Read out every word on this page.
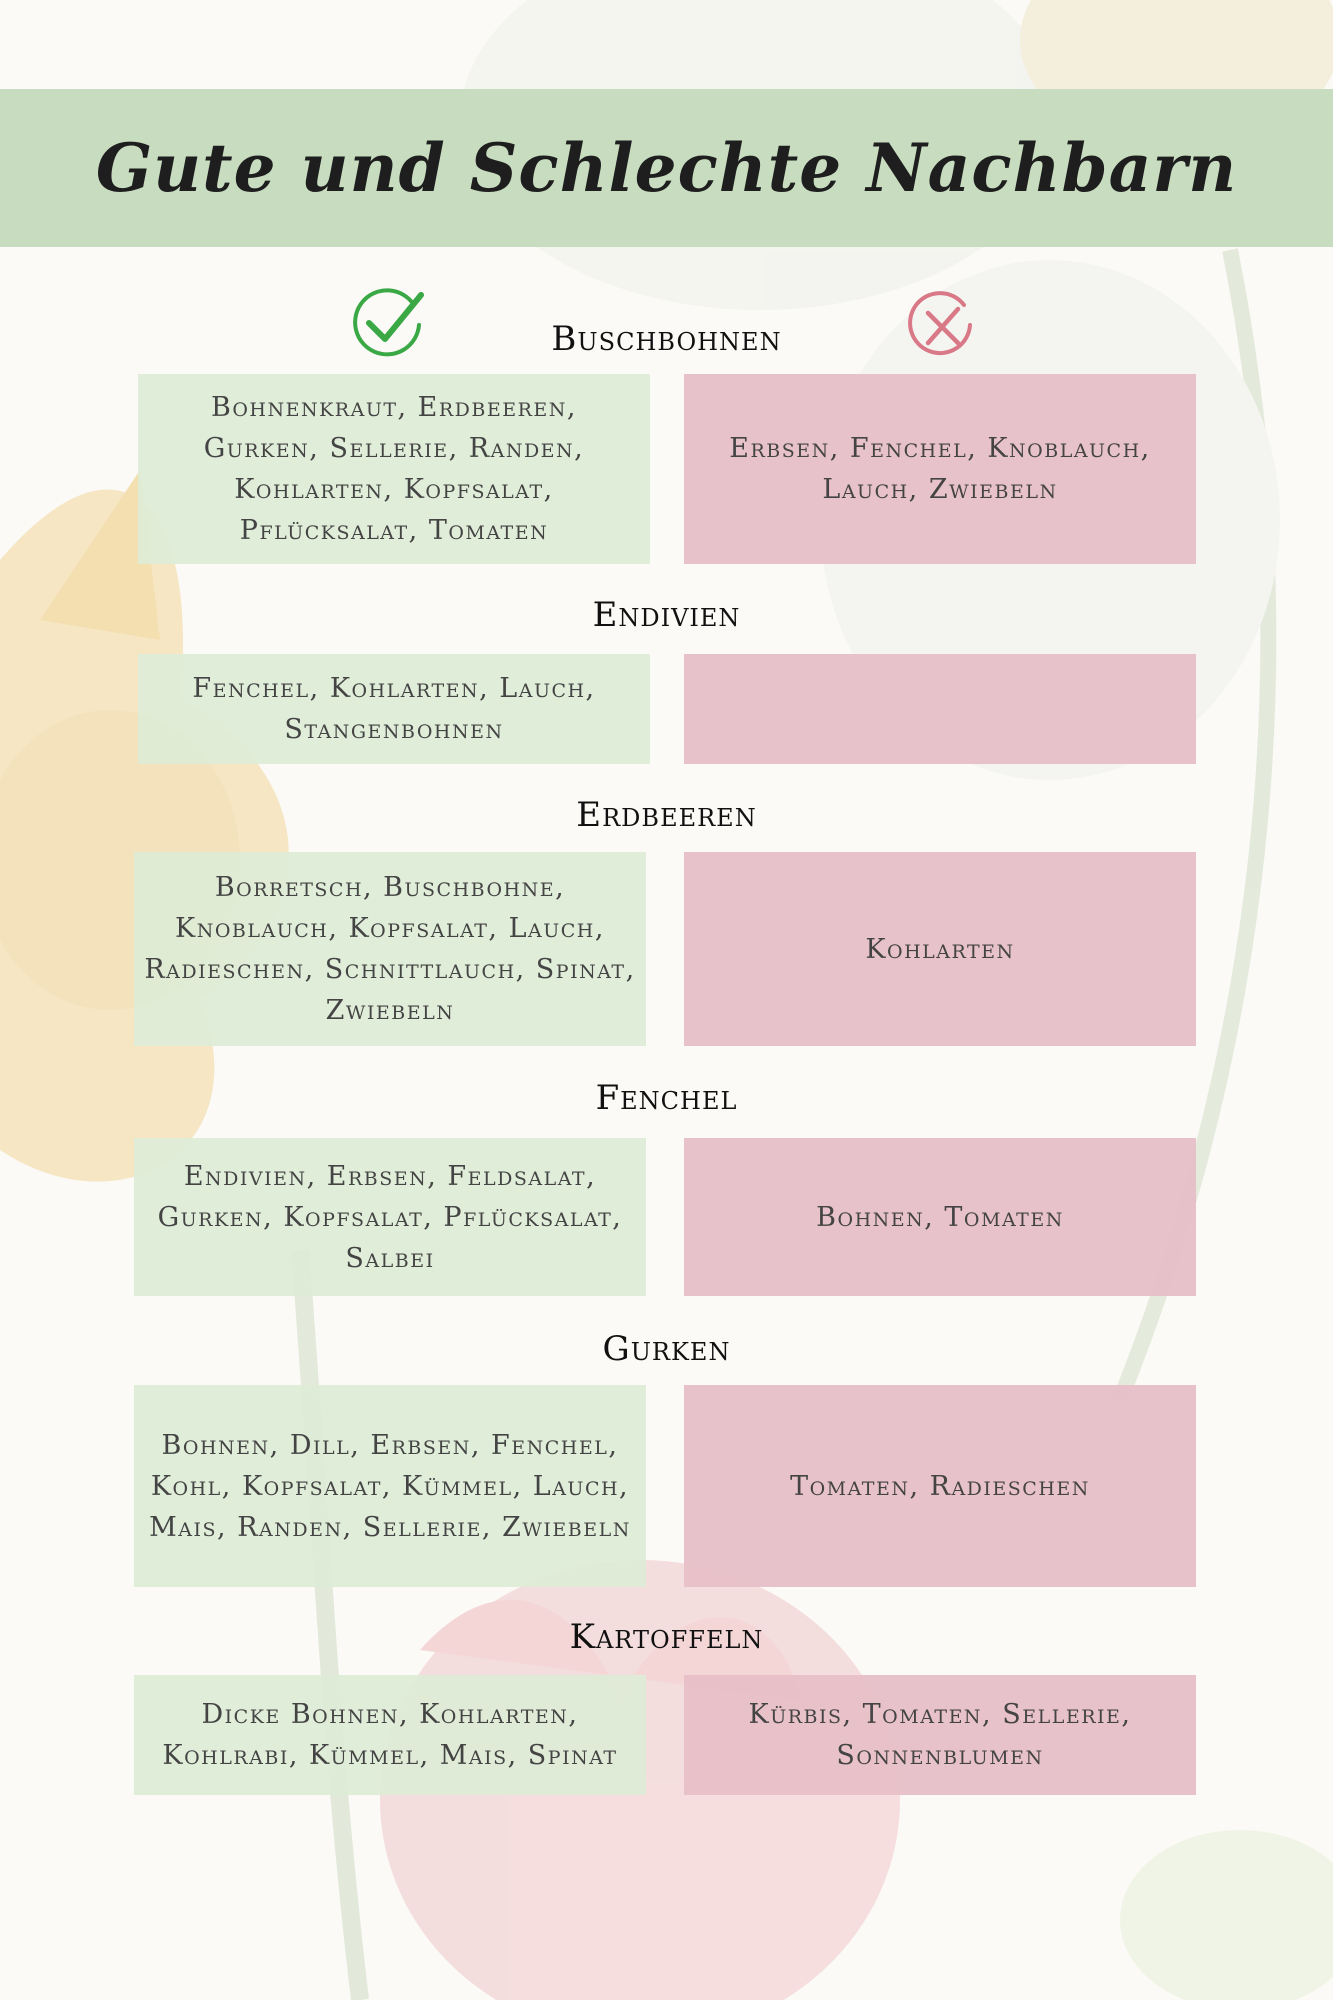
Gute und Schlechte Nachbarn
Buschbohnen
Bohnenkraut, Erdbeeren, Gurken, Sellerie, Randen, Kohlarten, Kopfsalat, Pflücksalat, Tomaten
Erbsen, Fenchel, Knoblauch, Lauch, Zwiebeln
Endivien
Fenchel, Kohlarten, Lauch, Stangenbohnen
Erdbeeren
Borretsch, Buschbohne, Knoblauch, Kopfsalat, Lauch, Radieschen, Schnittlauch, Spinat, Zwiebeln
Kohlarten
Fenchel
Endivien, Erbsen, Feldsalat, Gurken, Kopfsalat, Pflücksalat, Salbei
Bohnen, Tomaten
Gurken
Bohnen, Dill, Erbsen, Fenchel, Kohl, Kopfsalat, Kümmel, Lauch, Mais, Randen, Sellerie, Zwiebeln
Tomaten, Radieschen
Kartoffeln
Dicke Bohnen, Kohlarten, Kohlrabi, Kümmel, Mais, Spinat
Kürbis, Tomaten, Sellerie, Sonnenblumen
